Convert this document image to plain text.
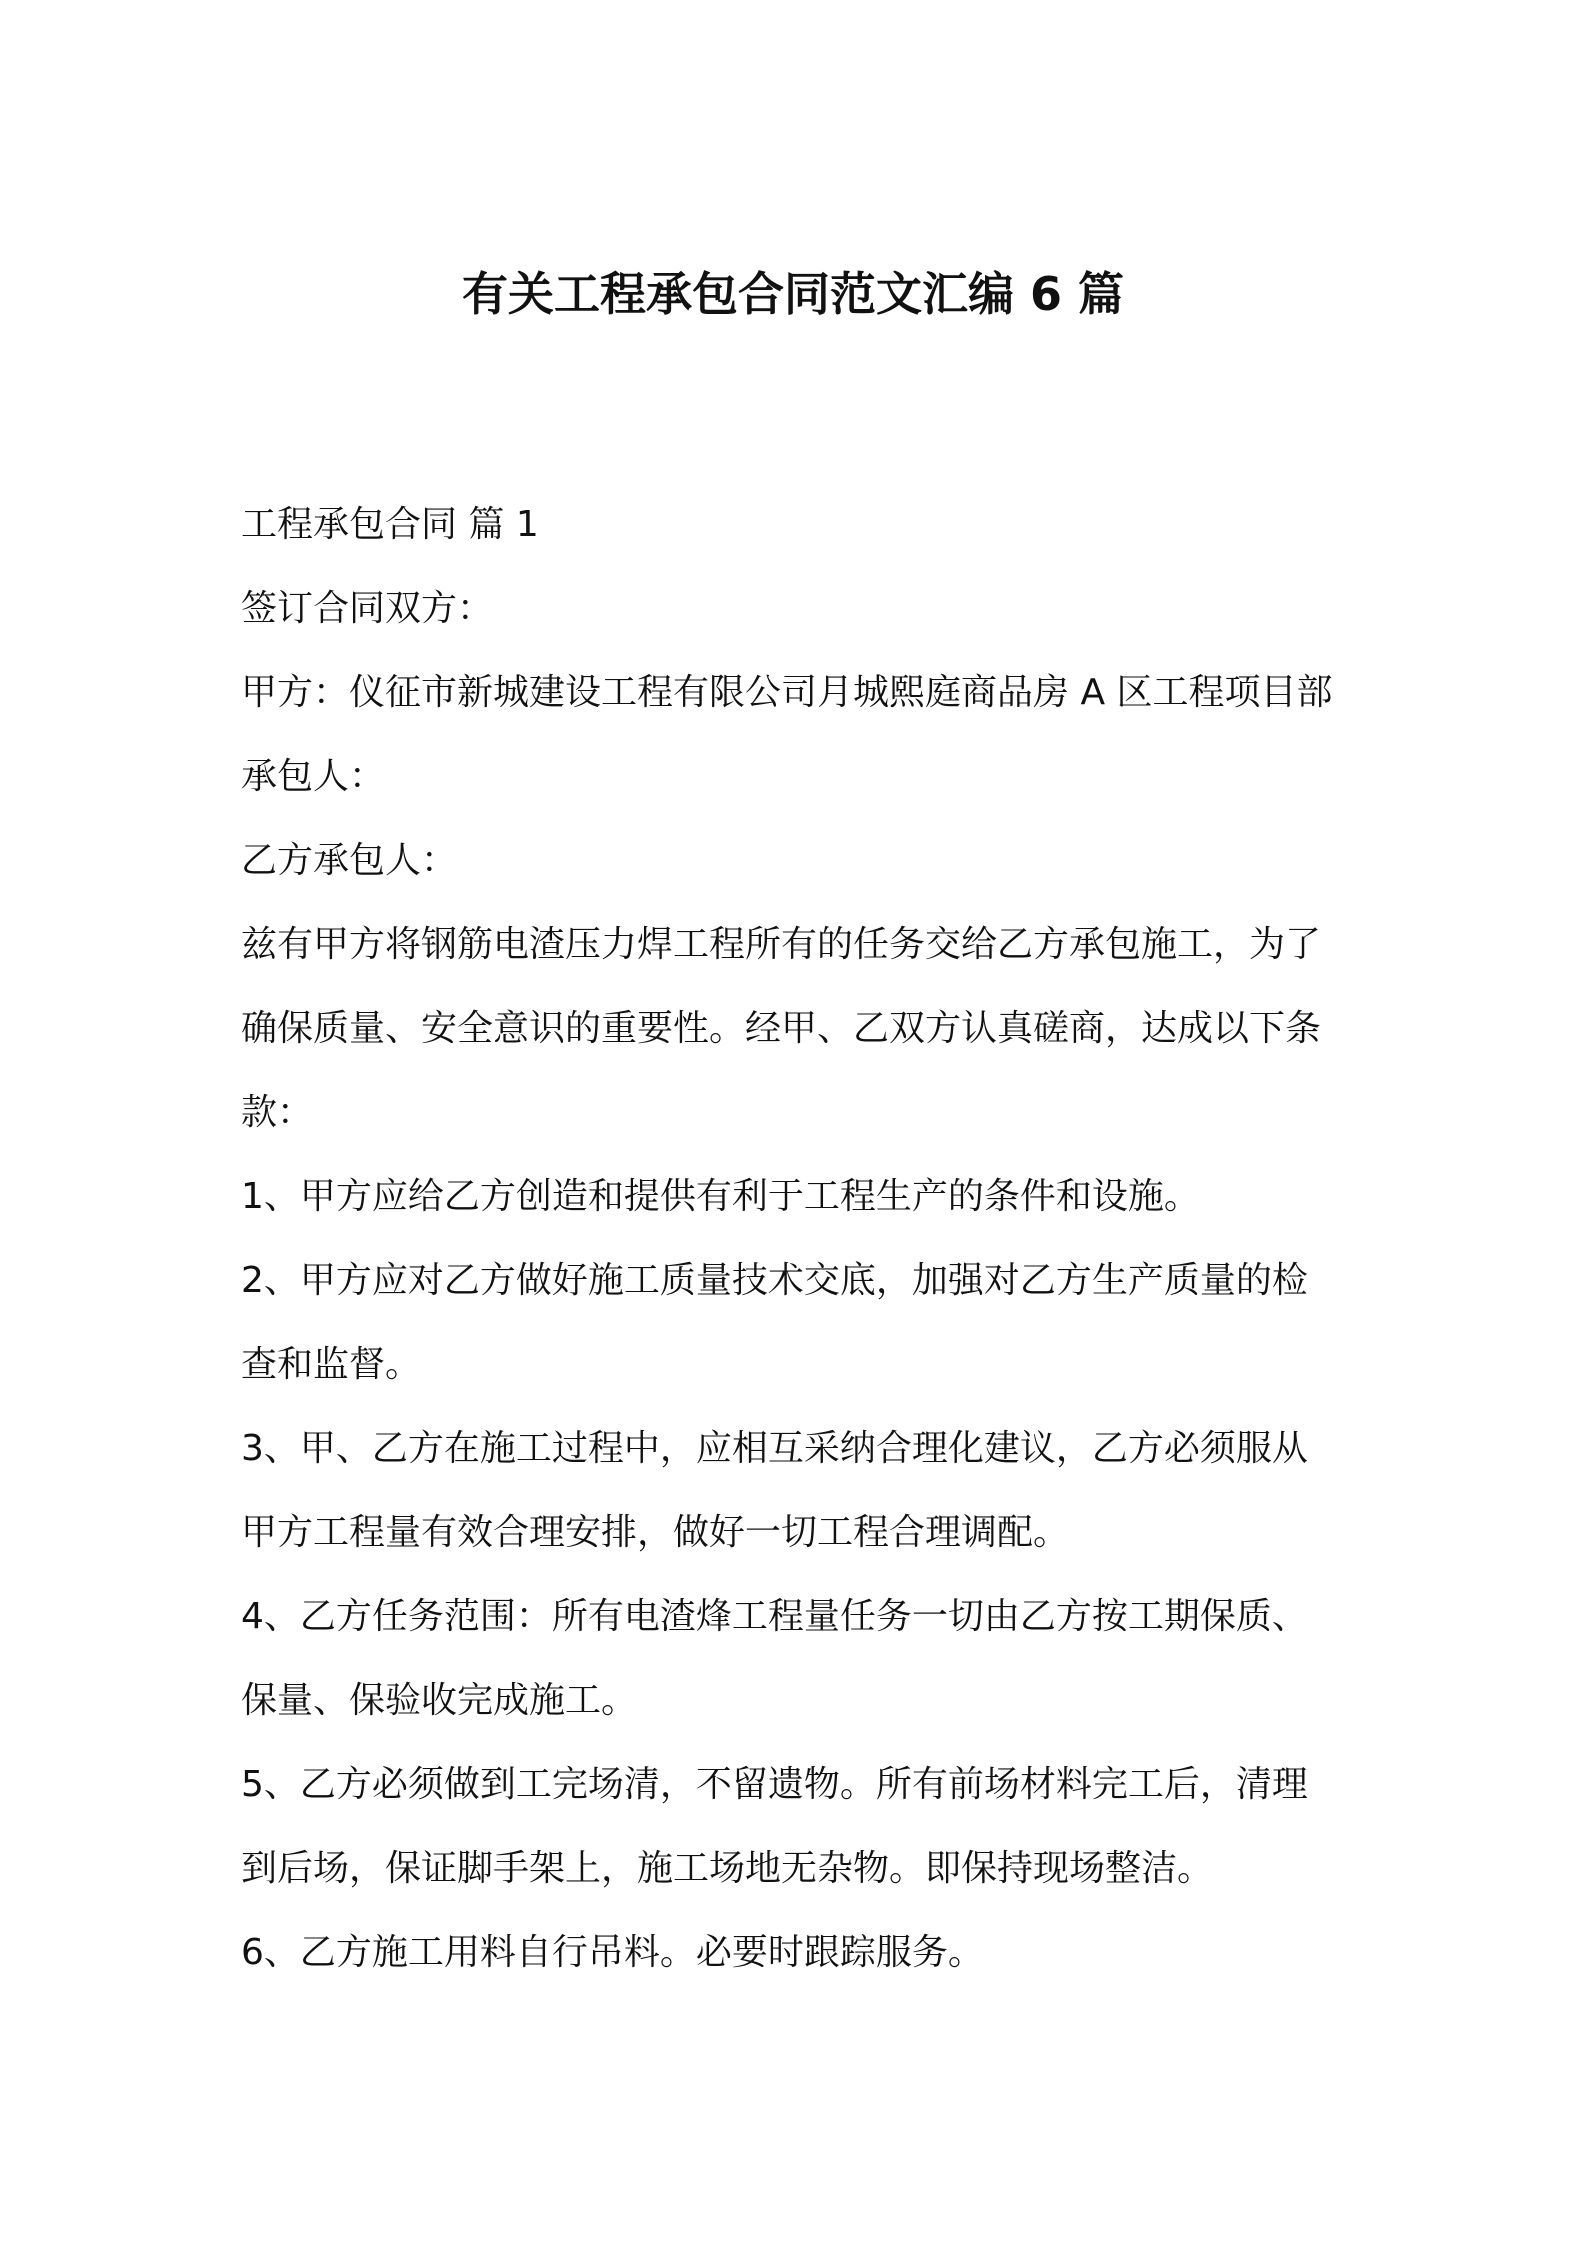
有关工程承包合同范文汇编 6 篇

工程承包合同 篇 1

签订合同双方：

甲方：仪征市新城建设工程有限公司月城熙庭商品房 A 区工程项目部

承包人：

乙方承包人：

兹有甲方将钢筋电渣压力焊工程所有的任务交给乙方承包施工，为了

确保质量、安全意识的重要性。经甲、乙双方认真磋商，达成以下条

款：

1、甲方应给乙方创造和提供有利于工程生产的条件和设施。

2、甲方应对乙方做好施工质量技术交底，加强对乙方生产质量的检

查和监督。

3、甲、乙方在施工过程中，应相互采纳合理化建议，乙方必须服从

甲方工程量有效合理安排，做好一切工程合理调配。

4、乙方任务范围：所有电渣烽工程量任务一切由乙方按工期保质、

保量、保验收完成施工。

5、乙方必须做到工完场清，不留遗物。所有前场材料完工后，清理

到后场，保证脚手架上，施工场地无杂物。即保持现场整洁。

6、乙方施工用料自行吊料。必要时跟踪服务。
